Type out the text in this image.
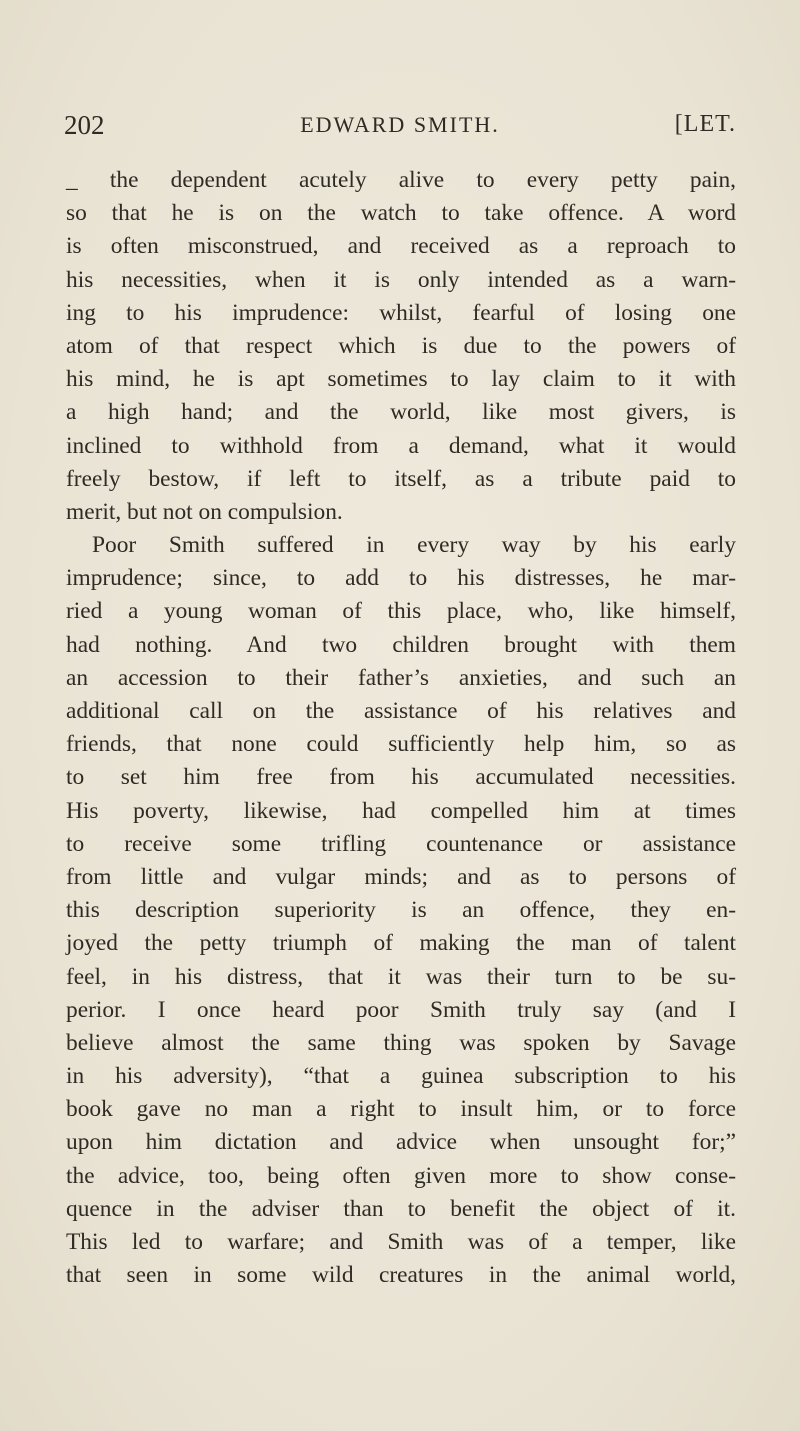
202	EDWARD SMITH.	[LET.
_ the dependent acutely alive to every petty pain,
so that he is on the watch to take offence. A word
is often misconstrued, and received as a reproach to
his necessities, when it is only intended as a warn-
ing to his imprudence: whilst, fearful of losing one
atom of that respect which is due to the powers of
his mind, he is apt sometimes to lay claim to it with
a high hand; and the world, like most givers, is
inclined to withhold from a demand, what it would
freely bestow, if left to itself, as a tribute paid to
merit, but not on compulsion.
Poor Smith suffered in every way by his early
imprudence; since, to add to his distresses, he mar-
ried a young woman of this place, who, like himself,
had nothing. And two children brought with them
an accession to their father’s anxieties, and such an
additional call on the assistance of his relatives and
friends, that none could sufficiently help him, so as
to set him free from his accumulated necessities.
His poverty, likewise, had compelled him at times
to receive some trifling countenance or assistance
from little and vulgar minds; and as to persons of
this description superiority is an offence, they en-
joyed the petty triumph of making the man of talent
feel, in his distress, that it was their turn to be su-
perior. I once heard poor Smith truly say (and I
believe almost the same thing was spoken by Savage
in his adversity), “that a guinea subscription to his
book gave no man a right to insult him, or to force
upon him dictation and advice when unsought for;”
the advice, too, being often given more to show conse-
quence in the adviser than to benefit the object of it.
This led to warfare; and Smith was of a temper, like
that seen in some wild creatures in the animal world,
